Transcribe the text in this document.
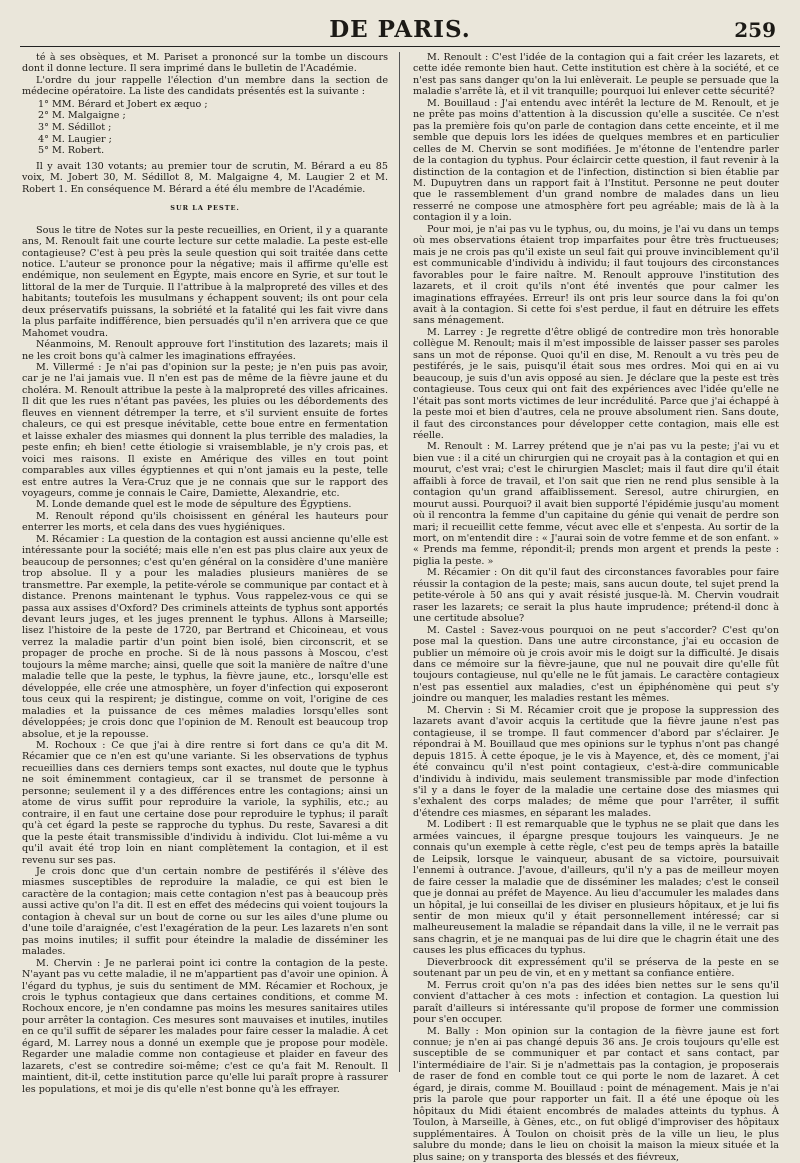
DE PARIS.	259

té à ses obsèques, et M. Pariset a prononcé sur la tombe un discours dont il donne lecture. Il sera imprimé dans le bulletin de l'Académie.

L'ordre du jour rappelle l'élection d'un membre dans la section de médecine opératoire. La liste des candidats présentés est la suivante :

1° MM. Bérard et Jobert ex æquo ;
2° M. Malgaigne ;
3° M. Sédillot ;
4° M. Laugier ;
5° M. Robert.

Il y avait 130 votants; au premier tour de scrutin, M. Bérard a eu 85 voix, M. Jobert 30, M. Sédillot 8, M. Malgaigne 4, M. Laugier 2 et M. Robert 1. En conséquence M. Bérard a été élu membre de l'Académie.

SUR LA PESTE.

Sous le titre de Notes sur la peste recueillies, en Orient, il y a quarante ans, M. Renoult fait une courte lecture sur cette maladie. La peste est-elle contagieuse? C'est à peu près la seule question qui soit traitée dans cette notice. L'auteur se prononce pour la négative; mais il affirme qu'elle est endémique, non seulement en Égypte, mais encore en Syrie, et sur tout le littoral de la mer de Turquie. Il l'attribue à la malpropreté des villes et des habitants; toutefois les musulmans y échappent souvent; ils ont pour cela deux préservatifs puissans, la sobriété et la fatalité qui les fait vivre dans la plus parfaite indifférence, bien persuadés qu'il n'en arrivera que ce que Mahomet voudra.

Néanmoins, M. Renoult approuve fort l'institution des lazarets; mais il ne les croit bons qu'à calmer les imaginations effrayées.

M. Villermé : Je n'ai pas d'opinion sur la peste; je n'en puis pas avoir, car je ne l'ai jamais vue. Il n'en est pas de même de la fièvre jaune et du choléra. M. Renoult attribue la peste à la malpropreté des villes africaines. Il dit que les rues n'étant pas pavées, les pluies ou les débordements des fleuves en viennent détremper la terre, et s'il survient ensuite de fortes chaleurs, ce qui est presque inévitable, cette boue entre en fermentation et laisse exhaler des miasmes qui donnent la plus terrible des maladies, la peste enfin; eh bien! cette étiologie si vraisemblable, je n'y crois pas, et voici mes raisons. Il existe en Amérique des villes en tout point comparables aux villes égyptiennes et qui n'ont jamais eu la peste, telle est entre autres la Vera-Cruz que je ne connais que sur le rapport des voyageurs, comme je connais le Caire, Damiette, Alexandrie, etc.

M. Londe demande quel est le mode de sépulture des Égyptiens.

M. Renoult répond qu'ils choisissent en général les hauteurs pour enterrer les morts, et cela dans des vues hygiéniques.

M. Récamier : La question de la contagion est aussi ancienne qu'elle est intéressante pour la société; mais elle n'en est pas plus claire aux yeux de beaucoup de personnes; c'est qu'en général on la considère d'une manière trop absolue. Il y a pour les maladies plusieurs manières de se transmettre. Par exemple, la petite-vérole se communique par contact et à distance. Prenons maintenant le typhus. Vous rappelez-vous ce qui se passa aux assises d'Oxford? Des criminels atteints de typhus sont apportés devant leurs juges, et les juges prennent le typhus. Allons à Marseille; lisez l'histoire de la peste de 1720, par Bertrand et Chicoineau, et vous verrez la maladie partir d'un point bien isolé, bien circonscrit, et se propager de proche en proche. Si de là nous passons à Moscou, c'est toujours la même marche; ainsi, quelle que soit la manière de naître d'une maladie telle que la peste, le typhus, la fièvre jaune, etc., lorsqu'elle est développée, elle crée une atmosphère, un foyer d'infection qui exposeront tous ceux qui la respirent; je distingue, comme on voit, l'origine de ces maladies et la puissance de ces mêmes maladies lorsqu'elles sont développées; je crois donc que l'opinion de M. Renoult est beaucoup trop absolue, et je la repousse.

M. Rochoux : Ce que j'ai à dire rentre si fort dans ce qu'a dit M. Récamier que ce n'en est qu'une variante. Si les observations de typhus recueillies dans ces derniers temps sont exactes, nul doute que le typhus ne soit éminemment contagieux, car il se transmet de personne à personne; seulement il y a des différences entre les contagions; ainsi un atome de virus suffit pour reproduire la variole, la syphilis, etc.; au contraire, il en faut une certaine dose pour reproduire le typhus; il paraît qu'à cet égard la peste se rapproche du typhus. Du reste, Savaresi a dit que la peste était transmissible d'individu à individu. Clot lui-même a vu qu'il avait été trop loin en niant complètement la contagion, et il est revenu sur ses pas.

Je crois donc que d'un certain nombre de pestiférés il s'élève des miasmes susceptibles de reproduire la maladie, ce qui est bien le caractère de la contagion; mais cette contagion n'est pas à beaucoup près aussi active qu'on l'a dit. Il est en effet des médecins qui voient toujours la contagion à cheval sur un bout de corne ou sur les ailes d'une plume ou d'une toile d'araignée, c'est l'exagération de la peur. Les lazarets n'en sont pas moins inutiles; il suffit pour éteindre la maladie de disséminer les malades.

M. Chervin : Je ne parlerai point ici contre la contagion de la peste. N'ayant pas vu cette maladie, il ne m'appartient pas d'avoir une opinion. À l'égard du typhus, je suis du sentiment de MM. Récamier et Rochoux, je crois le typhus contagieux que dans certaines conditions, et comme M. Rochoux encore, je n'en condamne pas moins les mesures sanitaires utiles pour arrêter la contagion. Ces mesures sont mauvaises et inutiles, inutiles en ce qu'il suffit de séparer les malades pour faire cesser la maladie. À cet égard, M. Larrey nous a donné un exemple que je propose pour modèle. Regarder une maladie comme non contagieuse et plaider en faveur des lazarets, c'est se contredire soi-même; c'est ce qu'a fait M. Renoult. Il maintient, dit-il, cette institution parce qu'elle lui paraît propre à rassurer les populations, et moi je dis qu'elle n'est bonne qu'à les effrayer.

M. Renoult : C'est l'idée de la contagion qui a fait créer les lazarets, et cette idée remonte bien haut. Cette institution est chère à la société, et ce n'est pas sans danger qu'on la lui enlèverait. Le peuple se persuade que la maladie s'arrête là, et il vit tranquille; pourquoi lui enlever cette sécurité?

M. Bouillaud : J'ai entendu avec intérêt la lecture de M. Renoult, et je ne prête pas moins d'attention à la discussion qu'elle a suscitée. Ce n'est pas la première fois qu'on parle de contagion dans cette enceinte, et il me semble que depuis lors les idées de quelques membres et en particulier celles de M. Chervin se sont modifiées. Je m'étonne de l'entendre parler de la contagion du typhus. Pour éclaircir cette question, il faut revenir à la distinction de la contagion et de l'infection, distinction si bien établie par M. Dupuytren dans un rapport fait à l'Institut. Personne ne peut douter que le rassemblement d'un grand nombre de malades dans un lieu resserré ne compose une atmosphère fort peu agréable; mais de là à la contagion il y a loin.

Pour moi, je n'ai pas vu le typhus, ou, du moins, je l'ai vu dans un temps où mes observations étaient trop imparfaites pour être très fructueuses; mais je ne crois pas qu'il existe un seul fait qui prouve invinciblement qu'il est communicable d'individu à individu; il faut toujours des circonstances favorables pour le faire naître. M. Renoult approuve l'institution des lazarets, et il croit qu'ils n'ont été inventés que pour calmer les imaginations effrayées. Erreur! ils ont pris leur source dans la foi qu'on avait à la contagion. Si cette foi s'est perdue, il faut en détruire les effets sans ménagement.

M. Larrey : Je regrette d'être obligé de contredire mon très honorable collègue M. Renoult; mais il m'est impossible de laisser passer ses paroles sans un mot de réponse. Quoi qu'il en dise, M. Renoult a vu très peu de pestiférés, je le sais, puisqu'il était sous mes ordres. Moi qui en ai vu beaucoup, je suis d'un avis opposé au sien. Je déclare que la peste est très contagieuse. Tous ceux qui ont fait des expériences avec l'idée qu'elle ne l'était pas sont morts victimes de leur incrédulité. Parce que j'ai échappé à la peste moi et bien d'autres, cela ne prouve absolument rien. Sans doute, il faut des circonstances pour développer cette contagion, mais elle est réelle.

M. Renoult : M. Larrey prétend que je n'ai pas vu la peste; j'ai vu et bien vue : il a cité un chirurgien qui ne croyait pas à la contagion et qui en mourut, c'est vrai; c'est le chirurgien Masclet; mais il faut dire qu'il était affaibli à force de travail, et l'on sait que rien ne rend plus sensible à la contagion qu'un grand affaiblissement. Seresol, autre chirurgien, en mourut aussi. Pourquoi? il avait bien supporté l'épidémie jusqu'au moment où il rencontra la femme d'un capitaine du génie qui venait de perdre son mari; il recueillit cette femme, vécut avec elle et s'enpesta. Au sortir de la mort, on m'entendit dire : « J'aurai soin de votre femme et de son enfant. » « Prends ma femme, répondit-il; prends mon argent et prends la peste : piglia la peste. »

M. Récamier : On dit qu'il faut des circonstances favorables pour faire réussir la contagion de la peste; mais, sans aucun doute, tel sujet prend la petite-vérole à 50 ans qui y avait résisté jusque-là. M. Chervin voudrait raser les lazarets; ce serait la plus haute imprudence; prétend-il donc à une certitude absolue?

M. Castel : Savez-vous pourquoi on ne peut s'accorder? C'est qu'on pose mal la question. Dans une autre circonstance, j'ai eu occasion de publier un mémoire où je crois avoir mis le doigt sur la difficulté. Je disais dans ce mémoire sur la fièvre-jaune, que nul ne pouvait dire qu'elle fût toujours contagieuse, nul qu'elle ne le fût jamais. Le caractère contagieux n'est pas essentiel aux maladies, c'est un épiphénomène qui peut s'y joindre ou manquer, les maladies restant les mêmes.

M. Chervin : Si M. Récamier croit que je propose la suppression des lazarets avant d'avoir acquis la certitude que la fièvre jaune n'est pas contagieuse, il se trompe. Il faut commencer d'abord par s'éclairer. Je répondrai à M. Bouillaud que mes opinions sur le typhus n'ont pas changé depuis 1815. À cette époque, je le vis à Mayence, et, dès ce moment, j'ai été convaincu qu'il n'est point contagieux, c'est-à-dire communicable d'individu à individu, mais seulement transmissible par mode d'infection s'il y a dans le foyer de la maladie une certaine dose des miasmes qui s'exhalent des corps malades; de même que pour l'arrêter, il suffit d'étendre ces miasmes, en séparant les malades.

M. Lodibert : Il est remarquable que le typhus ne se plait que dans les armées vaincues, il épargne presque toujours les vainqueurs. Je ne connais qu'un exemple à cette règle, c'est peu de temps après la bataille de Leipsik, lorsque le vainqueur, abusant de sa victoire, poursuivait l'ennemi à outrance. J'avoue, d'ailleurs, qu'il n'y a pas de meilleur moyen de faire cesser la maladie que de disséminer les malades; c'est le conseil que je donnai au préfet de Mayence. Au lieu d'accumuler les malades dans un hôpital, je lui conseillai de les diviser en plusieurs hôpitaux, et je lui fis sentir de mon mieux qu'il y était personnellement intéressé; car si malheureusement la maladie se répandait dans la ville, il ne le verrait pas sans chagrin, et je ne manquai pas de lui dire que le chagrin était une des causes les plus efficaces du typhus.

Dieverbroock dit expressément qu'il se préserva de la peste en se soutenant par un peu de vin, et en y mettant sa confiance entière.

M. Ferrus croit qu'on n'a pas des idées bien nettes sur le sens qu'il convient d'attacher à ces mots : infection et contagion. La question lui paraît d'ailleurs si intéressante qu'il propose de former une commission pour s'en occuper.

M. Bally : Mon opinion sur la contagion de la fièvre jaune est fort connue; je n'en ai pas changé depuis 36 ans. Je crois toujours qu'elle est susceptible de se communiquer et par contact et sans contact, par l'intermédiaire de l'air. Si je n'admettais pas la contagion, je proposerais de raser de fond en comble tout ce qui porte le nom de lazaret. À cet égard, je dirais, comme M. Bouillaud : point de ménagement. Mais je n'ai pris la parole que pour rapporter un fait. Il a été une époque où les hôpitaux du Midi étaient encombrés de malades atteints du typhus. À Toulon, à Marseille, à Gènes, etc., on fut obligé d'improviser des hôpitaux supplémentaires. À Toulon on choisit près de la ville un lieu, le plus salubre du monde; dans le lieu on choisit la maison la mieux située et la plus saine; on y transporta des blessés et des fiévreux,
